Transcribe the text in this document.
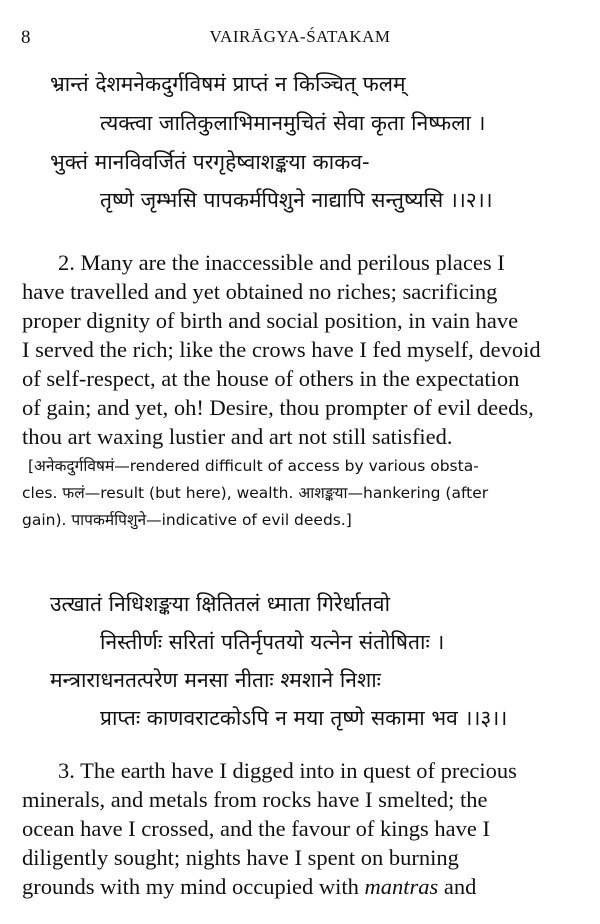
8	VAIRĀGYA-ŚATAKAM
भ्रान्तं देशमनेकदुर्गविषमं प्राप्तं न किञ्चित् फलम्
त्यक्त्वा जातिकुलाभिमानमुचितं सेवा कृता निष्फला ।
भुक्तं मानविवर्जितं परगृहेष्वाशङ्कया काकव-
तृष्णे जृम्भसि पापकर्मपिशुने नाद्यापि सन्तुष्यसि ।।२।।
2. Many are the inaccessible and perilous places I
have travelled and yet obtained no riches; sacrificing
proper dignity of birth and social position, in vain have
I served the rich; like the crows have I fed myself, devoid
of self-respect, at the house of others in the expectation
of gain; and yet, oh! Desire, thou prompter of evil deeds,
thou art waxing lustier and art not still satisfied.
[अनेकदुर्गविषमं—rendered difficult of access by various obsta-
cles. फलं—result (but here), wealth. आशङ्कया—hankering (after
gain). पापकर्मपिशुने—indicative of evil deeds.]
उत्खातं निधिशङ्कया क्षितितलं ध्माता गिरेर्धातवो
निस्तीर्णः सरितां पतिर्नृपतयो यत्नेन संतोषिताः ।
मन्त्राराधनतत्परेण मनसा नीताः श्मशाने निशाः
प्राप्तः काणवराटकोऽपि न मया तृष्णे सकामा भव ।।३।।
3. The earth have I digged into in quest of precious
minerals, and metals from rocks have I smelted; the
ocean have I crossed, and the favour of kings have I
diligently sought; nights have I spent on burning
grounds with my mind occupied with mantras and
